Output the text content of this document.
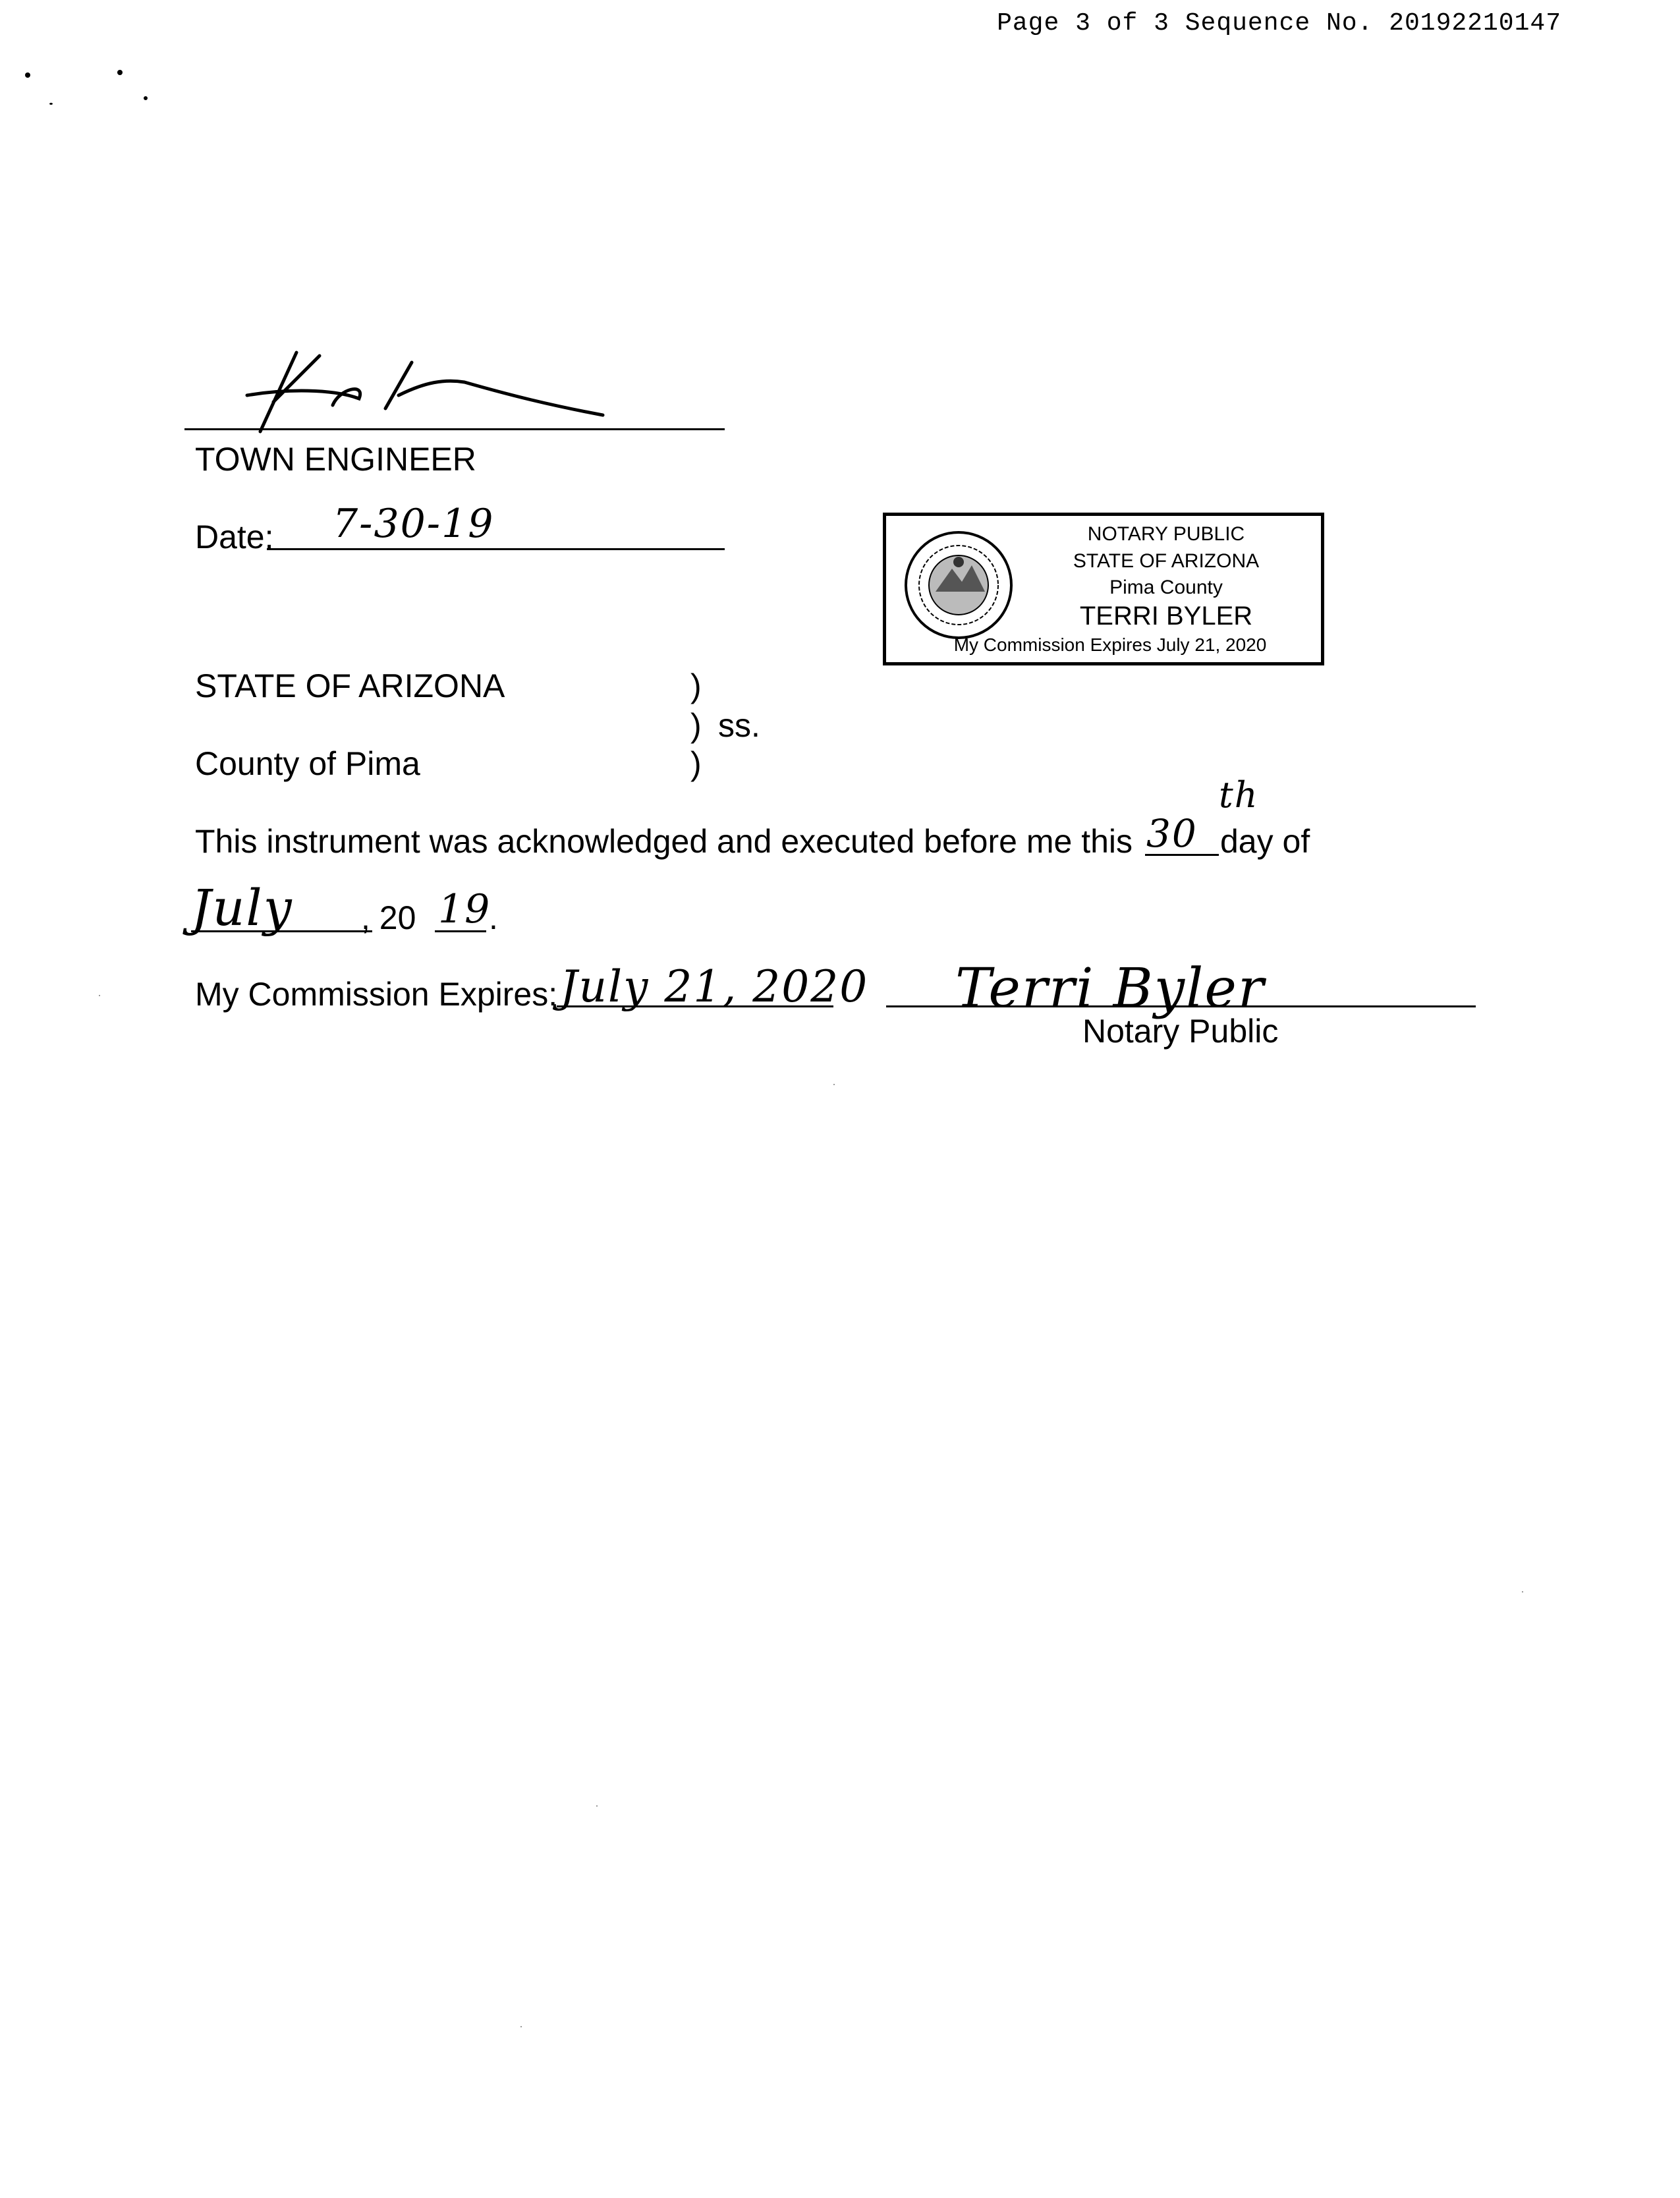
Page 3 of 3 Sequence No. 20192210147
TOWN ENGINEER
Date: 7-30-19	NOTARY PUBLIC
STATE OF ARIZONA
Pima County
TERRI BYLER
My Commission Expires July 21, 2020
STATE OF ARIZONA	)
) ss.
County of Pima	)
This instrument was acknowledged and executed before me this 30
th
day of
July , 20 19
.
My Commission Expires: July 21, 2020 Terri Byler
Notary Public
